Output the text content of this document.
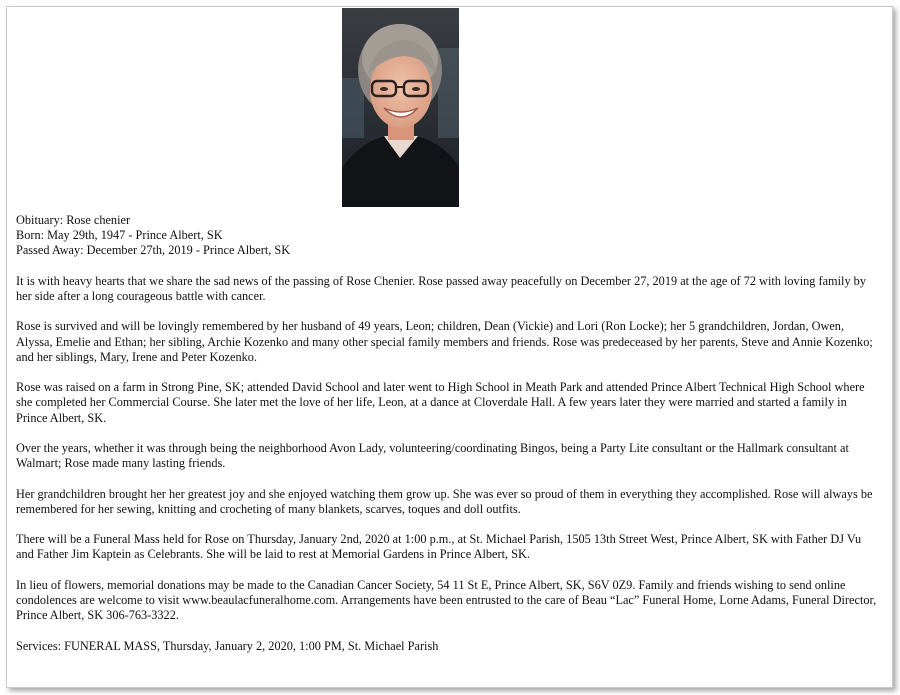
Obituary: Rose chenier

Born: May 29th, 1947 - Prince Albert, SK

Passed Away: December 27th, 2019 - Prince Albert, SK

It is with heavy hearts that we share the sad news of the passing of Rose Chenier. Rose passed away peacefully on December 27, 2019 at the age of 72 with loving family by her side after a long courageous battle with cancer.

Rose is survived and will be lovingly remembered by her husband of 49 years, Leon; children, Dean (Vickie) and Lori (Ron Locke); her 5 grandchildren, Jordan, Owen, Alyssa, Emelie and Ethan; her sibling, Archie Kozenko and many other special family members and friends. Rose was predeceased by her parents, Steve and Annie Kozenko; and her siblings, Mary, Irene and Peter Kozenko.

Rose was raised on a farm in Strong Pine, SK; attended David School and later went to High School in Meath Park and attended Prince Albert Technical High School where she completed her Commercial Course. She later met the love of her life, Leon, at a dance at Cloverdale Hall. A few years later they were married and started a family in Prince Albert, SK.

Over the years, whether it was through being the neighborhood Avon Lady, volunteering/coordinating Bingos, being a Party Lite consultant or the Hallmark consultant at Walmart; Rose made many lasting friends.

Her grandchildren brought her her greatest joy and she enjoyed watching them grow up. She was ever so proud of them in everything they accomplished. Rose will always be remembered for her sewing, knitting and crocheting of many blankets, scarves, toques and doll outfits.

There will be a Funeral Mass held for Rose on Thursday, January 2nd, 2020 at 1:00 p.m., at St. Michael Parish, 1505 13th Street West, Prince Albert, SK with Father DJ Vu and Father Jim Kaptein as Celebrants. She will be laid to rest at Memorial Gardens in Prince Albert, SK.

In lieu of flowers, memorial donations may be made to the Canadian Cancer Society, 54 11 St E, Prince Albert, SK, S6V 0Z9. Family and friends wishing to send online condolences are welcome to visit www.beaulacfuneralhome.com. Arrangements have been entrusted to the care of Beau “Lac” Funeral Home, Lorne Adams, Funeral Director, Prince Albert, SK 306-763-3322.

Services: FUNERAL MASS, Thursday, January 2, 2020, 1:00 PM, St. Michael Parish
